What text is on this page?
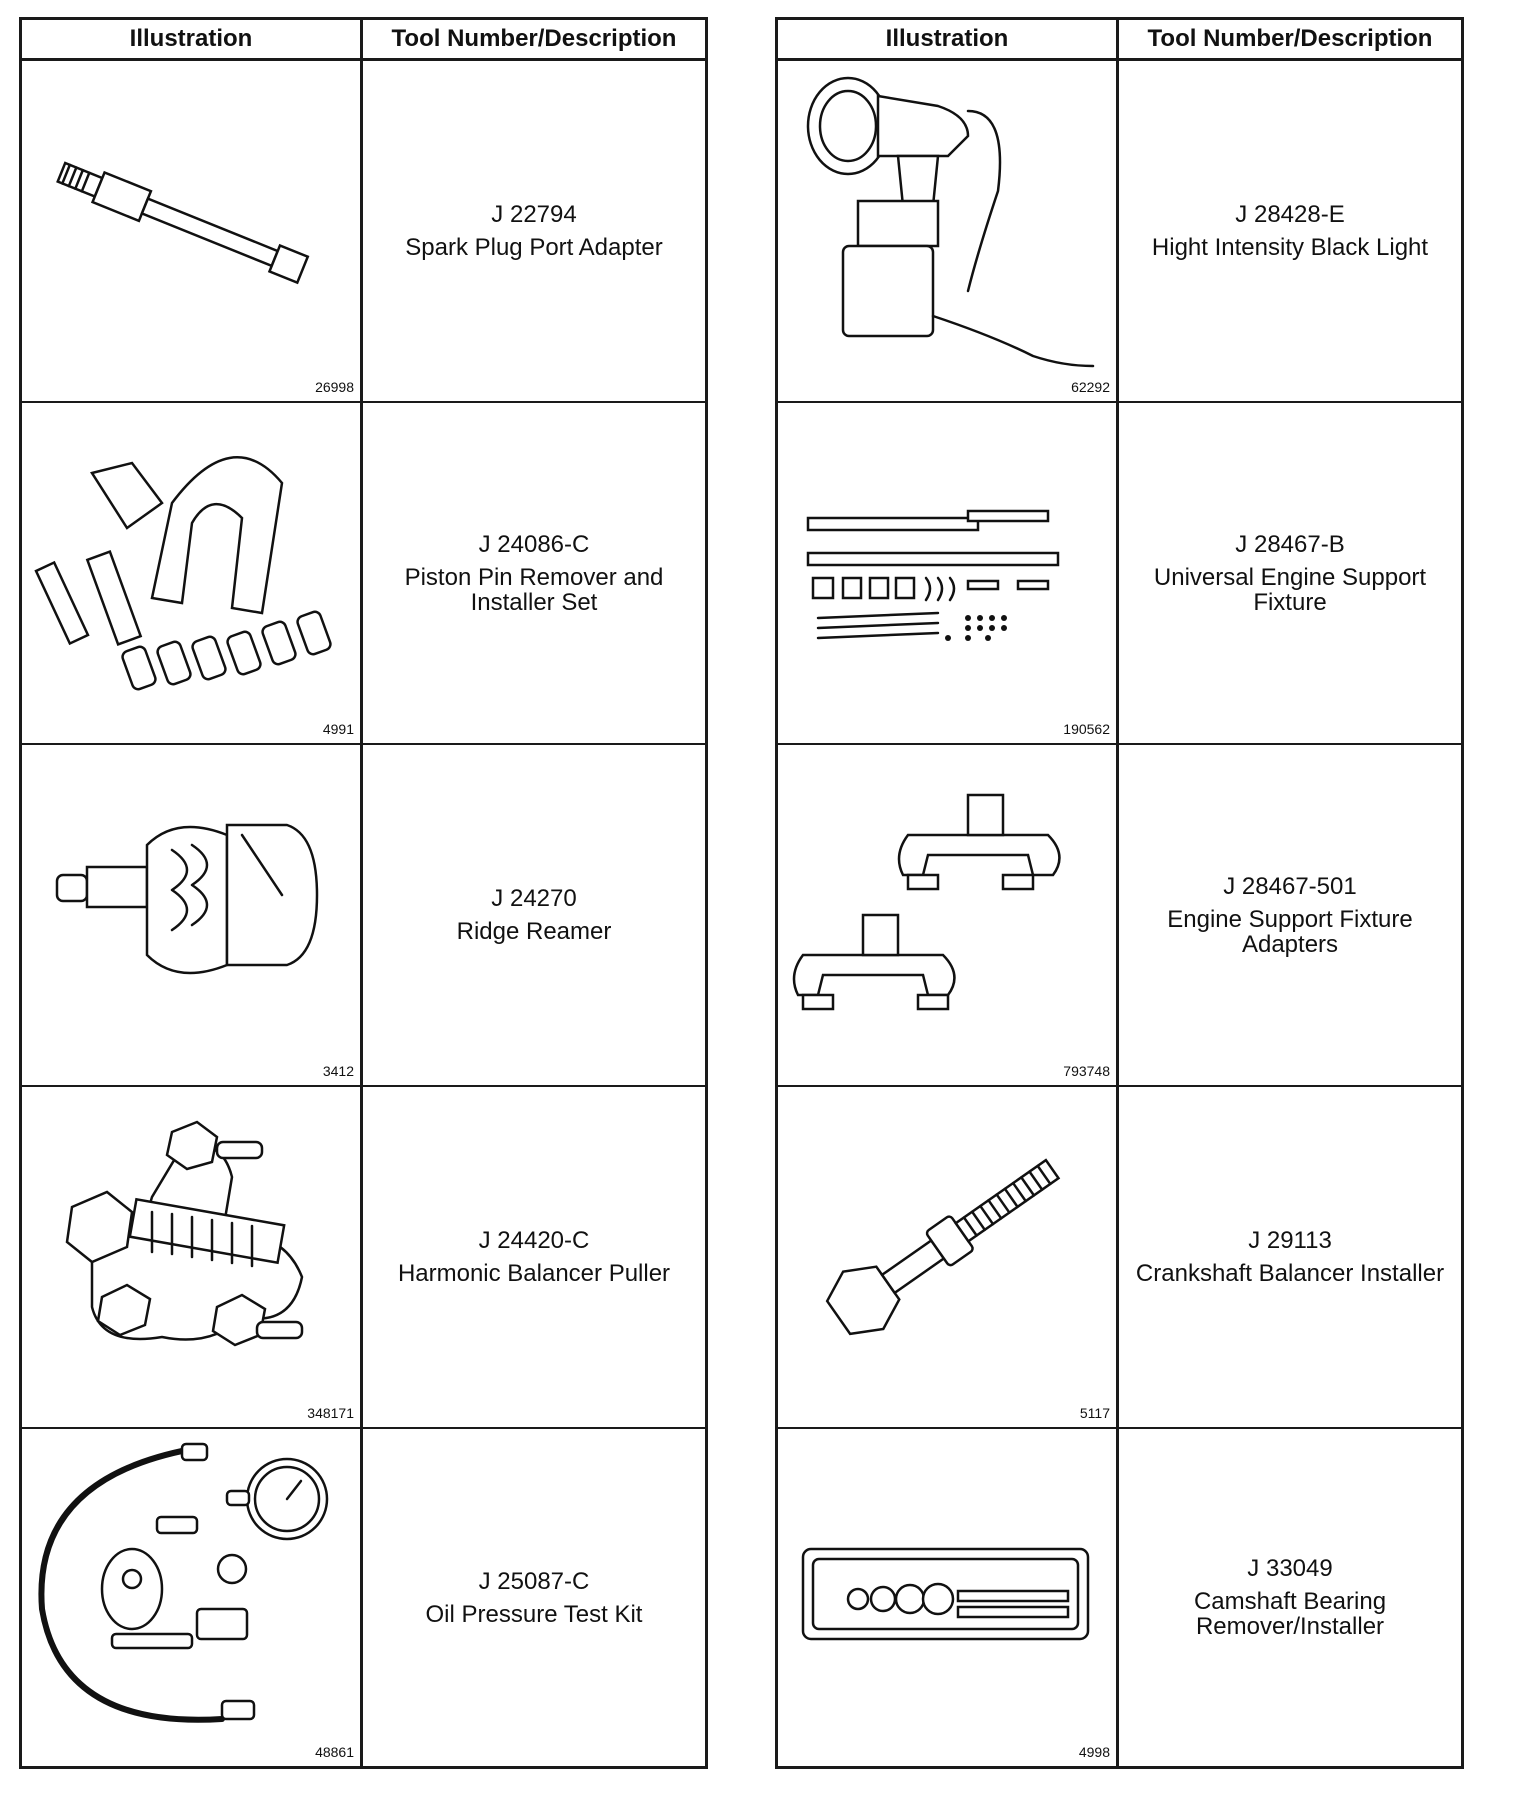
Illustration	Tool Number/Description
26998
J 22794
Spark Plug Port Adapter
4991
J 24086-C
Piston Pin Remover and Installer Set
3412
J 24270
Ridge Reamer
348171
J 24420-C
Harmonic Balancer Puller
48861
J 25087-C
Oil Pressure Test Kit
Illustration	Tool Number/Description
62292
J 28428-E
Hight Intensity Black Light
190562
J 28467-B
Universal Engine Support Fixture
793748
J 28467-501
Engine Support Fixture Adapters
5117
J 29113
Crankshaft Balancer Installer
4998
J 33049
Camshaft Bearing Remover/Installer
